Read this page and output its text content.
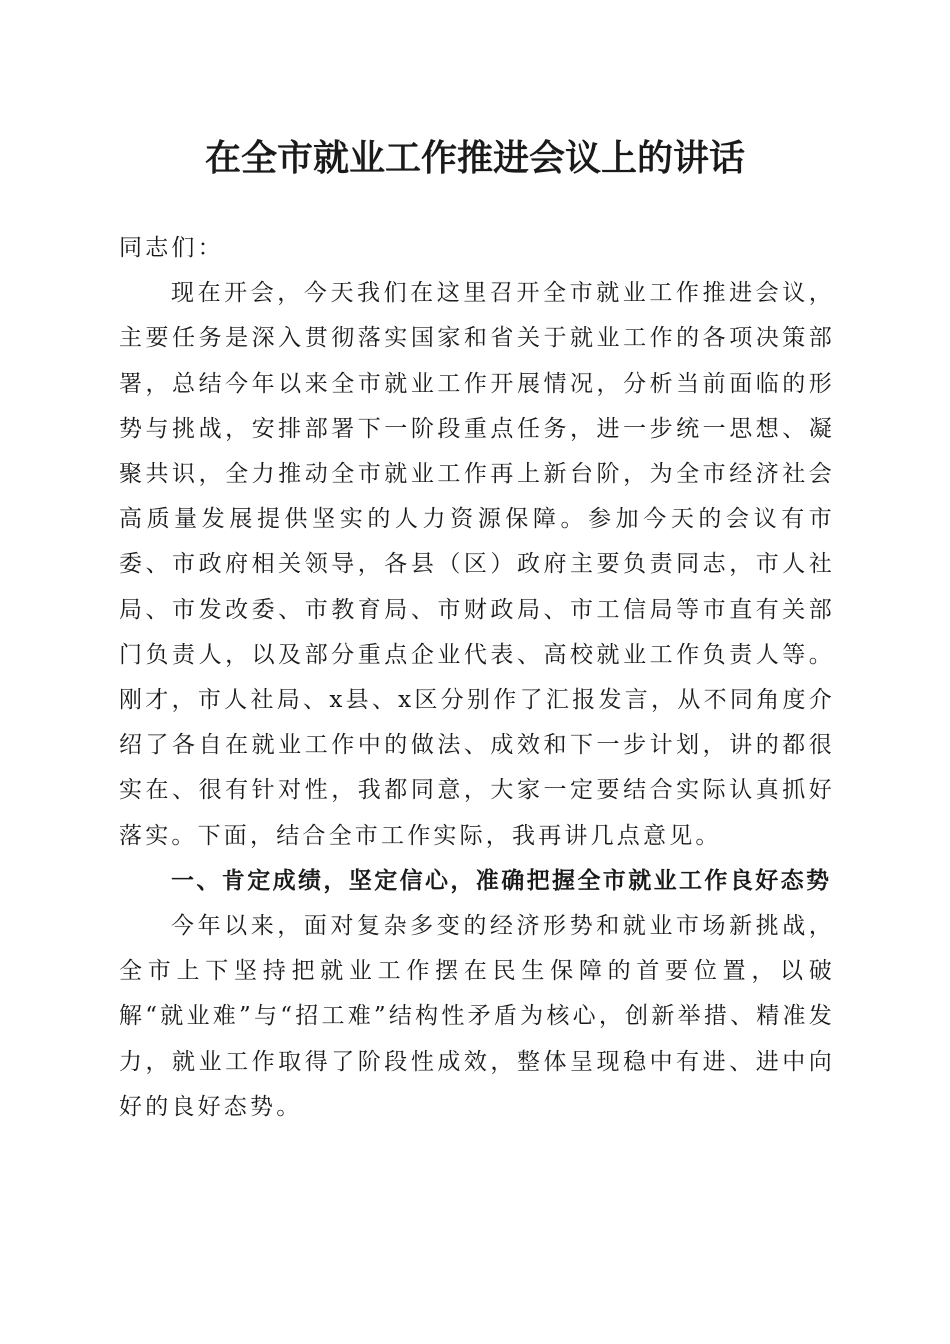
在全市就业工作推进会议上的讲话

同志们：

现在开会，今天我们在这里召开全市就业工作推进会议，主要任务是深入贯彻落实国家和省关于就业工作的各项决策部署，总结今年以来全市就业工作开展情况，分析当前面临的形势与挑战，安排部署下一阶段重点任务，进一步统一思想、凝聚共识，全力推动全市就业工作再上新台阶，为全市经济社会高质量发展提供坚实的人力资源保障。参加今天的会议有市委、市政府相关领导，各县（区）政府主要负责同志，市人社局、市发改委、市教育局、市财政局、市工信局等市直有关部门负责人，以及部分重点企业代表、高校就业工作负责人等。刚才，市人社局、x县、x区分别作了汇报发言，从不同角度介绍了各自在就业工作中的做法、成效和下一步计划，讲的都很实在、很有针对性，我都同意，大家一定要结合实际认真抓好落实。下面，结合全市工作实际，我再讲几点意见。

一、肯定成绩，坚定信心，准确把握全市就业工作良好态势

今年以来，面对复杂多变的经济形势和就业市场新挑战，全市上下坚持把就业工作摆在民生保障的首要位置，以破解“就业难”与“招工难”结构性矛盾为核心，创新举措、精准发力，就业工作取得了阶段性成效，整体呈现稳中有进、进中向好的良好态势。
